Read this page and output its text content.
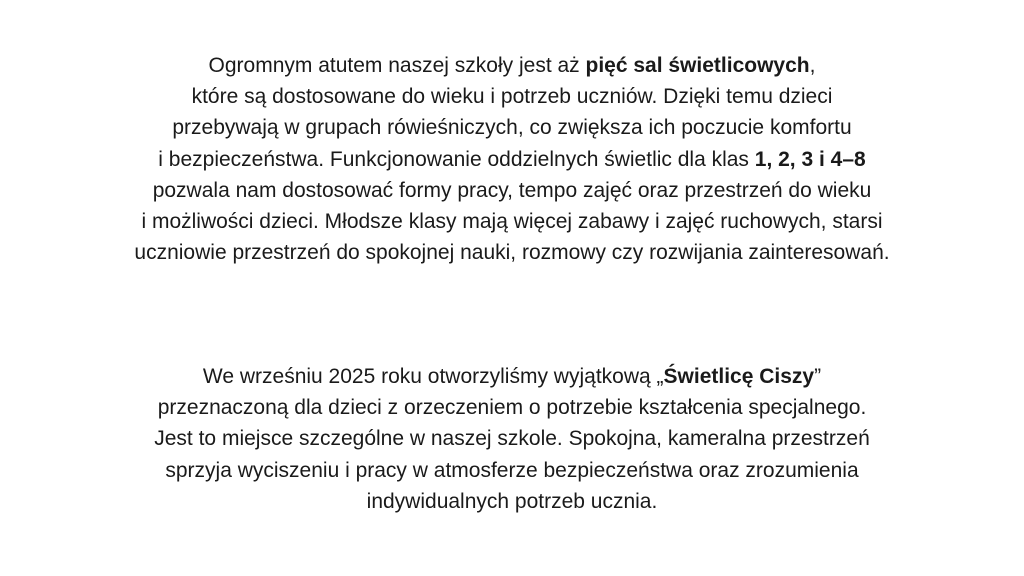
Ogromnym atutem naszej szkoły jest aż pięć sal świetlicowych,
które są dostosowane do wieku i potrzeb uczniów. Dzięki temu dzieci
przebywają w grupach rówieśniczych, co zwiększa ich poczucie komfortu
i bezpieczeństwa. Funkcjonowanie oddzielnych świetlic dla klas 1, 2, 3 i 4–8
pozwala nam dostosować formy pracy, tempo zajęć oraz przestrzeń do wieku
i możliwości dzieci. Młodsze klasy mają więcej zabawy i zajęć ruchowych, starsi
uczniowie przestrzeń do spokojnej nauki, rozmowy czy rozwijania zainteresowań.
We wrześniu 2025 roku otworzyliśmy wyjątkową „Świetlicę Ciszy”
przeznaczoną dla dzieci z orzeczeniem o potrzebie kształcenia specjalnego.
Jest to miejsce szczególne w naszej szkole. Spokojna, kameralna przestrzeń
sprzyja wyciszeniu i pracy w atmosferze bezpieczeństwa oraz zrozumienia
indywidualnych potrzeb ucznia.
